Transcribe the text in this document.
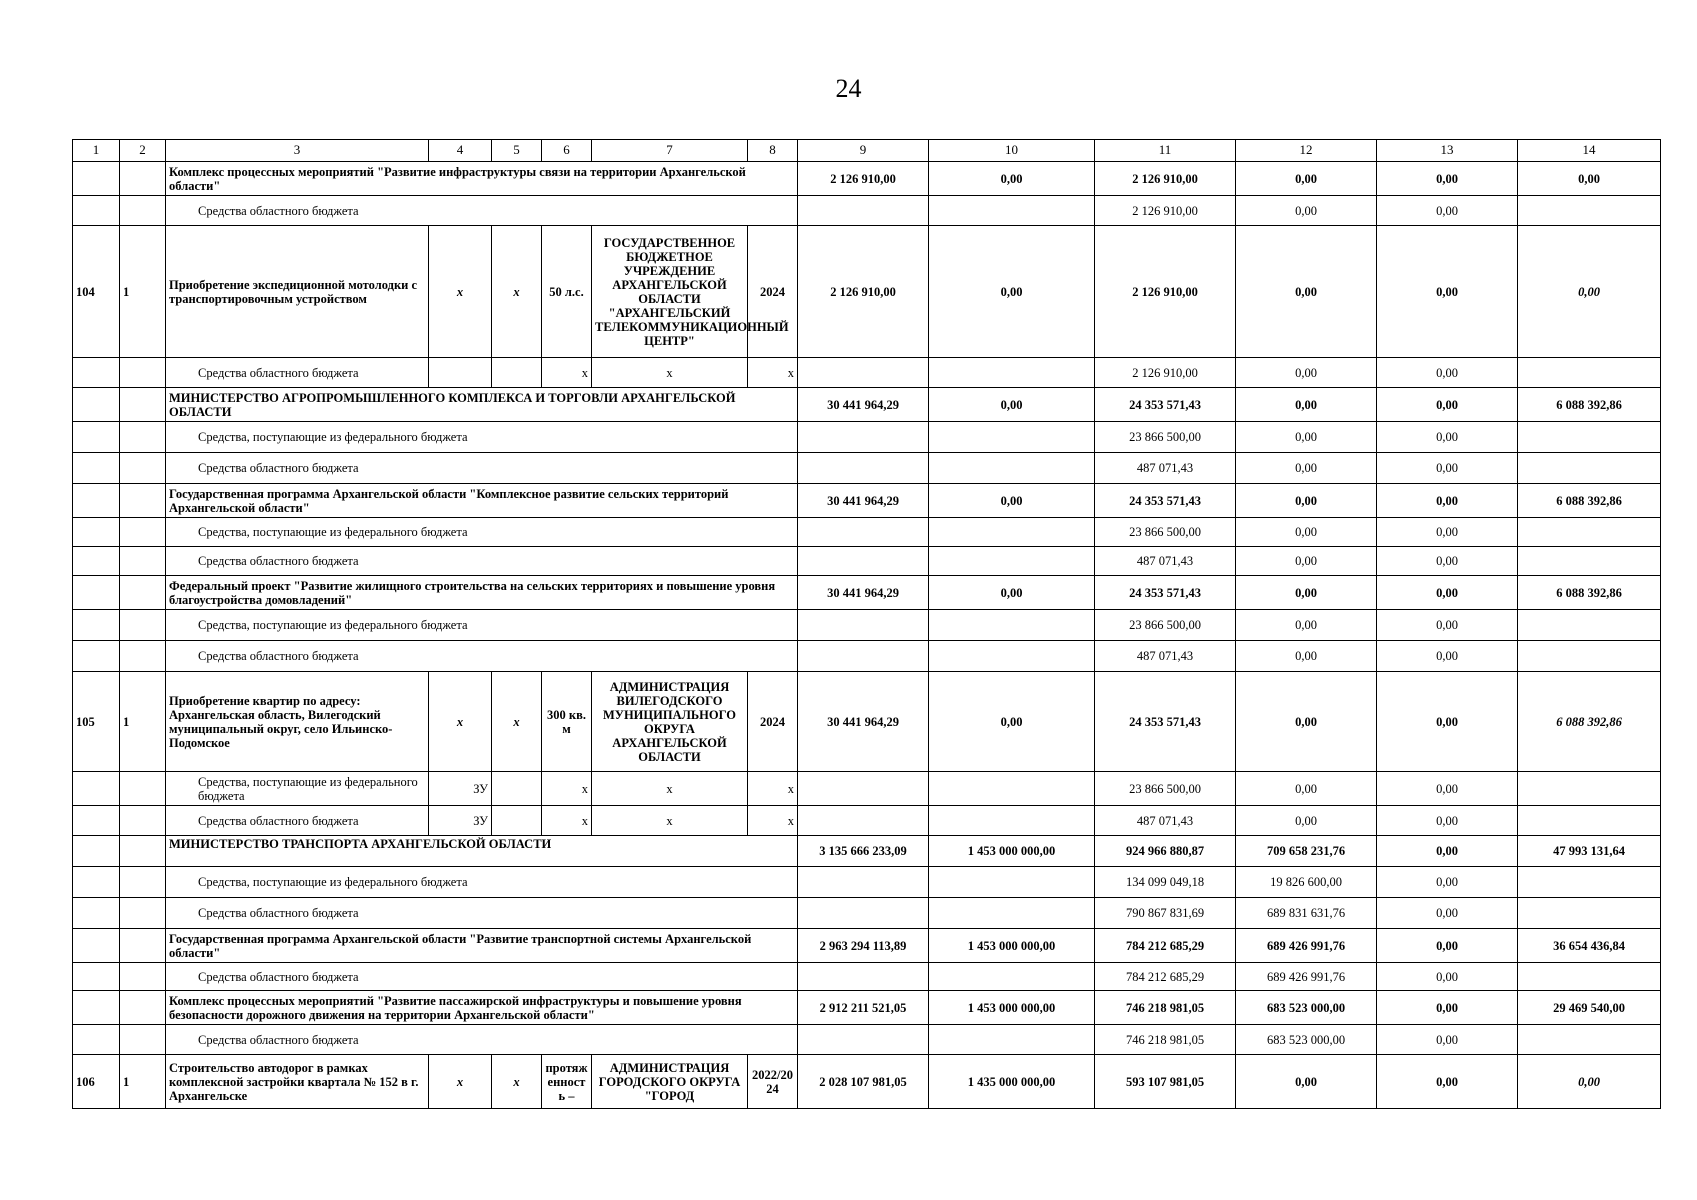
24
1	2	3	4	5	6	7	8	9	10	11	12	13	14
		Комплекс процессных мероприятий "Развитие инфраструктуры связи на территории Архангельской области"						2 126 910,00	0,00	2 126 910,00	0,00	0,00	0,00
		Средства областного бюджета								2 126 910,00	0,00	0,00	
104	1	Приобретение экспедиционной мотолодки с транспортировочным устройством	х	х	50 л.с.	ГОСУДАРСТВЕННОЕ БЮДЖЕТНОЕ УЧРЕЖДЕНИЕ АРХАНГЕЛЬСКОЙ ОБЛАСТИ "АРХАНГЕЛЬСКИЙ ТЕЛЕКОММУНИКАЦИОННЫЙ ЦЕНТР"	2024	2 126 910,00	0,00	2 126 910,00	0,00	0,00	0,00
		Средства областного бюджета			х	х	х			2 126 910,00	0,00	0,00	
		МИНИСТЕРСТВО АГРОПРОМЫШЛЕННОГО КОМПЛЕКСА И ТОРГОВЛИ АРХАНГЕЛЬСКОЙ ОБЛАСТИ						30 441 964,29	0,00	24 353 571,43	0,00	0,00	6 088 392,86
		Средства, поступающие из федерального бюджета								23 866 500,00	0,00	0,00	
		Средства областного бюджета								487 071,43	0,00	0,00	
		Государственная программа Архангельской области "Комплексное развитие сельских территорий Архангельской области"						30 441 964,29	0,00	24 353 571,43	0,00	0,00	6 088 392,86
		Средства, поступающие из федерального бюджета								23 866 500,00	0,00	0,00	
		Средства областного бюджета								487 071,43	0,00	0,00	
		Федеральный проект "Развитие жилищного строительства на сельских территориях и повышение уровня благоустройства домовладений"						30 441 964,29	0,00	24 353 571,43	0,00	0,00	6 088 392,86
		Средства, поступающие из федерального бюджета								23 866 500,00	0,00	0,00	
		Средства областного бюджета								487 071,43	0,00	0,00	
105	1	Приобретение квартир по адресу: Архангельская область, Вилегодский муниципальный округ, село Ильинско-Подомское	х	х	300 кв. м	АДМИНИСТРАЦИЯ ВИЛЕГОДСКОГО МУНИЦИПАЛЬНОГО ОКРУГА АРХАНГЕЛЬСКОЙ ОБЛАСТИ	2024	30 441 964,29	0,00	24 353 571,43	0,00	0,00	6 088 392,86
		Средства, поступающие из федерального бюджета	ЗУ		х	х	х			23 866 500,00	0,00	0,00	
		Средства областного бюджета	ЗУ		х	х	х			487 071,43	0,00	0,00	
		МИНИСТЕРСТВО ТРАНСПОРТА АРХАНГЕЛЬСКОЙ ОБЛАСТИ						3 135 666 233,09	1 453 000 000,00	924 966 880,87	709 658 231,76	0,00	47 993 131,64
		Средства, поступающие из федерального бюджета								134 099 049,18	19 826 600,00	0,00	
		Средства областного бюджета								790 867 831,69	689 831 631,76	0,00	
		Государственная программа Архангельской области "Развитие транспортной системы Архангельской области"						2 963 294 113,89	1 453 000 000,00	784 212 685,29	689 426 991,76	0,00	36 654 436,84
		Средства областного бюджета								784 212 685,29	689 426 991,76	0,00	
		Комплекс процессных мероприятий "Развитие пассажирской инфраструктуры и повышение уровня безопасности дорожного движения на территории Архангельской области"						2 912 211 521,05	1 453 000 000,00	746 218 981,05	683 523 000,00	0,00	29 469 540,00
		Средства областного бюджета								746 218 981,05	683 523 000,00	0,00	
106	1	Строительство автодорог в рамках комплексной застройки квартала № 152 в г. Архангельске	х	х	протяженность –	АДМИНИСТРАЦИЯ ГОРОДСКОГО ОКРУГА "ГОРОД	2022/2024	2 028 107 981,05	1 435 000 000,00	593 107 981,05	0,00	0,00	0,00
